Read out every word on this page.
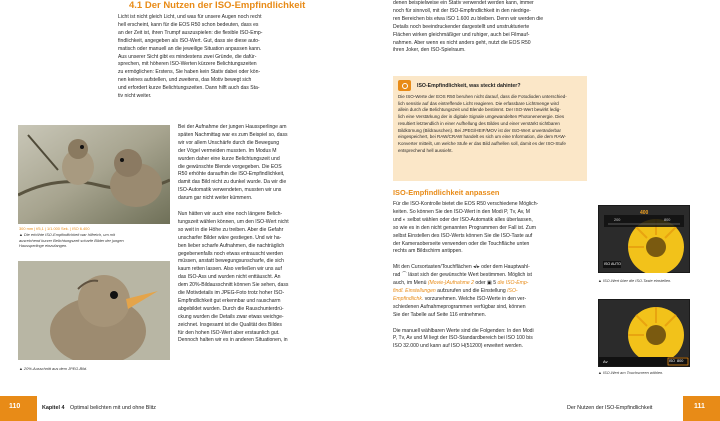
4.1 Der Nutzen der ISO-Empfindlichkeit
Licht ist nicht gleich Licht, und was für unsere Augen noch recht
hell erscheint, kann für die EOS R50 schon bedeuten, dass es
an der Zeit ist, ihren Trumpf auszuspielen: die flexible ISO-Emp-
findlichkeit, angegeben als ISO-Wert. Gut, dass sie diese auto-
matisch oder manuell an die jeweilige Situation anpassen kann.
Aus unserer Sicht gibt es mindestens zwei Gründe, die dafür-
sprechen, mit höheren ISO-Werten kürzere Belichtungszeiten
zu ermöglichen: Erstens, Sie haben kein Stativ dabei oder kön-
nen keines aufstellen, und zweitens, das Motiv bewegt sich
und erfordert kurze Belichtungszeiten. Dann hilft auch das Sta-
tiv nicht weiter.
300 mm | f/5,1 | 1/1.000 Sek. | ISO 6.400
▲ Die erhöhte ISO-Empfindlichkeit war hilfreich, um mit
ausreichend kurzer Belichtungszeit scharfe Bilder der jungen
Haussperlinge einzufangen.
▲ 20%-Ausschnitt aus dem JPEG-Bild.
Bei der Aufnahme der jungen Haussperlinge am
späten Nachmittag war es zum Beispiel so, dass
wir vor allem Unschärfe durch die Bewegung
der Vögel vermeiden mussten. Im Modus M
wurden daher eine kurze Belichtungszeit und
die gewünschte Blende vorgegeben. Die EOS
R50 erhöhte daraufhin die ISO-Empfindlichkeit,
damit das Bild nicht zu dunkel wurde. Da wir die
ISO-Automatik verwendeten, mussten wir uns
darum gar nicht weiter kümmern.

Nun hätten wir auch eine noch längere Belich-
tungszeit wählen können, um den ISO-Wert nicht
so weit in die Höhe zu treiben. Aber die Gefahr
unscharfer Bilder wäre gestiegen. Und wir ha-
ben lieber scharfe Aufnahmen, die nachträglich
gegebenenfalls noch etwas entrauscht werden
müssen, anstatt bewegungsunscharfe, die sich
kaum retten lassen. Also verließen wir uns auf
das ISO-Ass und wurden nicht enttäuscht. An
dem 20%-Bildausschnitt können Sie sehen, dass
die Motivdetails im JPEG-Foto trotz hoher ISO-
Empfindlichkeit gut erkennbar und rauscharm
abgebildet wurden. Durch die Rauschunterdrü-
ckung wurden die Details zwar etwas weichge-
zeichnet. Insgesamt ist die Qualität des Bildes
für den hohen ISO-Wert aber erstaunlich gut.
Dennoch halten wir es in anderen Situationen, in
110	Kapitel 4 Optimal belichten mit und ohne Blitz
denen beispielweise ein Stativ verwendet werden kann, immer
noch für sinnvoll, mit der ISO-Empfindlichkeit in den niedrige-
ren Bereichen bis etwa ISO 1.600 zu bleiben. Denn wir werden die
Details noch beeindruckender dargestellt und unstrukturierte
Flächen wirken gleichmäßiger und ruhiger, auch bei Filmauf-
nahmen. Aber wenn es nicht anders geht, nutzt die EOS R50
ihren Joker, den ISO-Spielraum.
ISO-Empfindlichkeit, was steckt dahinter?
Die ISO-Werte der EOS R50 beruhen nicht darauf, dass die Fotodioden unterschied-
lich sensitiv auf das eintreffende Licht reagieren. Die erfassbare Lichtmenge wird
allein durch die Belichtungszeit und Blende bestimmt. Der ISO-Wert bewirkt ledig-
lich eine Verstärkung der in digitale Signale umgewandelten Photonenenergie. Dies
resultiert letztendlich in einer Aufhellung des Bildes und einer verstärkt sichtbaren
Bildkörnung (Bildrauschen). Bei JPEG/HEIF/MOV ist der ISO-Wert unveränderbar
eingespeichert, bei RAW/CRAW handelt es sich um eine Information, die dem RAW-
Konverter mitteilt, um welche Stufe er das Bild aufhellen soll, damit es der ISO-Stufe
entsprechend hell aussieht.
ISO-Empfindlichkeit anpassen
Für die ISO-Kontrolle bietet die EOS R50 verschiedene Möglich-
keiten. So können Sie den ISO-Wert in den Modi P, Tv, Av, M
und ◐ selbst wählen oder der ISO-Automatik alles überlassen,
so wie es in den nicht genannten Programmen der Fall ist. Zum
selbst Einstellen des ISO-Werts können Sie die ISO-Taste auf
der Kameraoberseite verwenden oder die Touchfläche unten
rechts am Bildschirm antippen.

Mit den Cursortasten/Touchflächen ◂/▸ oder dem Hauptwahl-
rad ⌒ lässt sich der gewünschte Wert bestimmen. Möglich ist
auch, im Menü (Movie-)Aufnahme 2 oder ▣ 5 die ISO-Emp-
findl. Einstellungen aufzurufen und die Einstellung ISO-
Empfindlichk. vorzunehmen. Welche ISO-Werte in den ver-
schiedenen Aufnahmeprogrammen verfügbar sind, können
Sie der Tabelle auf Seite 116 entnehmen.

Die manuell wählbaren Werte sind die Folgenden: In den Modi
P, Tv, Av und M liegt der ISO-Standardbereich bei ISO 100 bis
ISO 32.000 und kann auf ISO H(51200) erweitert werden.
400
200	800
ISO AUTO
▲ ISO-Wert über die ISO-Taste einstellen.
Av	ISO 800
▲ ISO-Wert am Touchscreen wählen.
Der Nutzen der ISO-Empfindlichkeit	111
